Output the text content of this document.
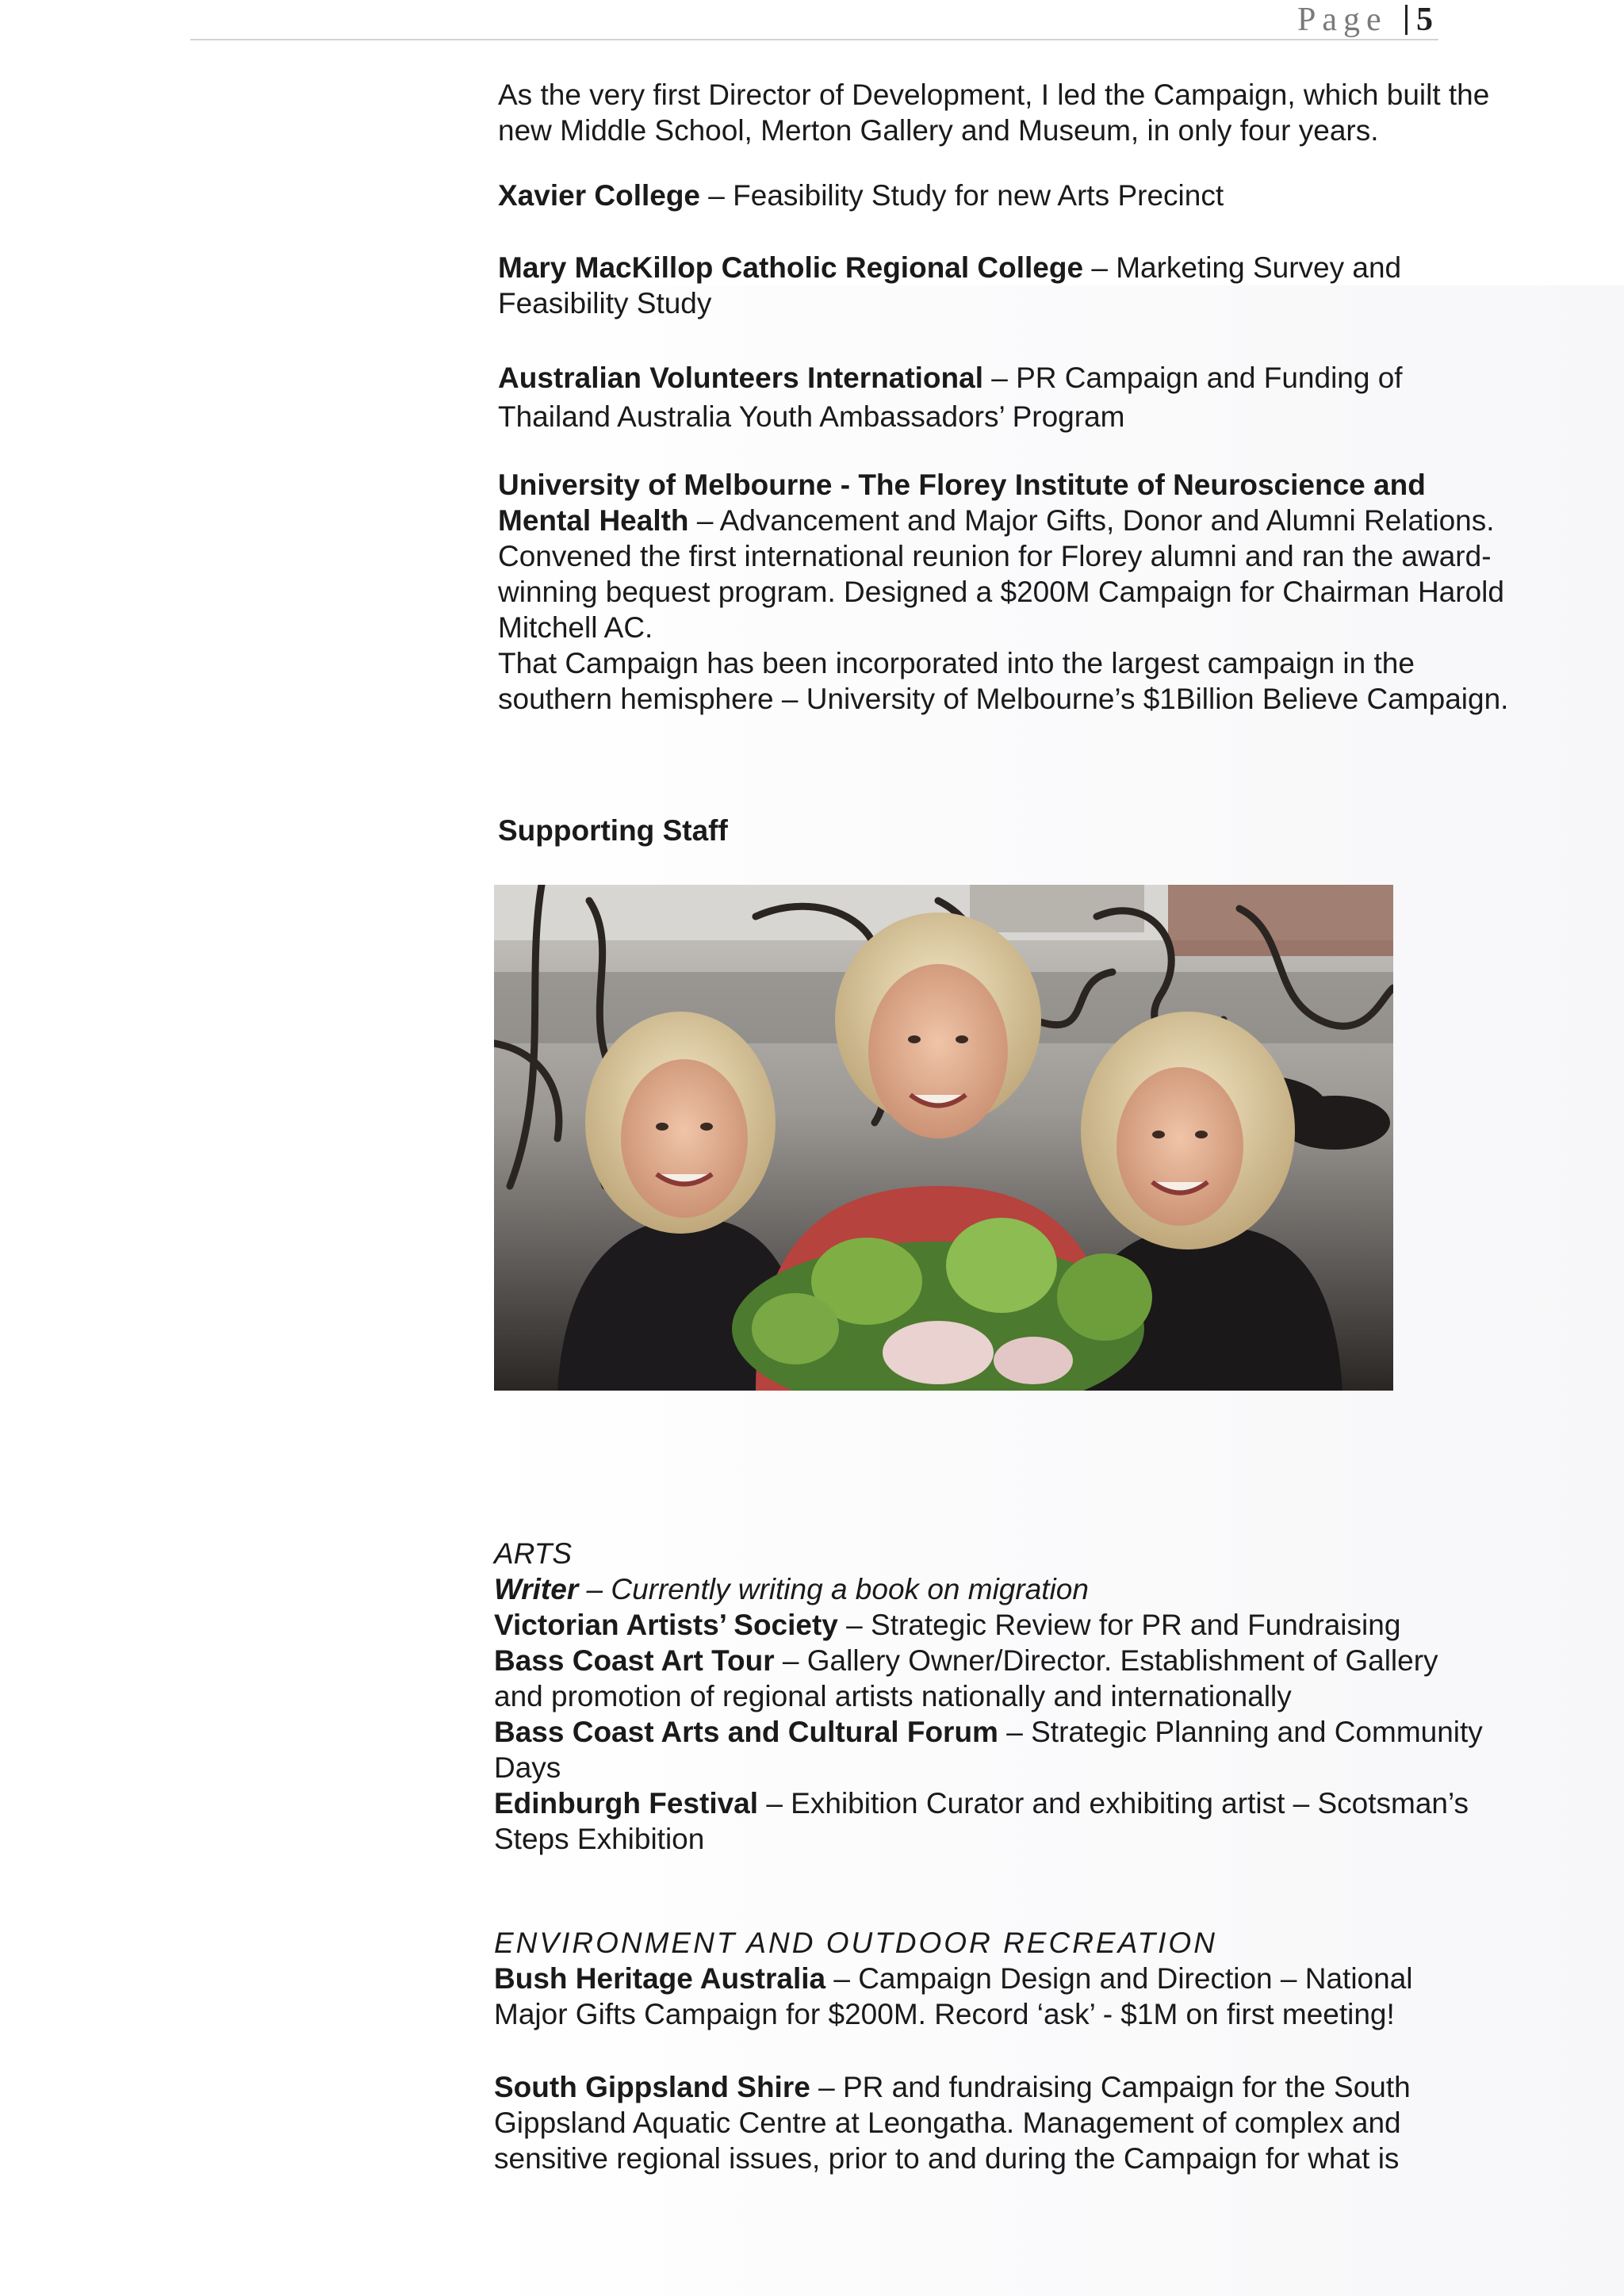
Page 5

As the very first Director of Development, I led the Campaign, which built the new Middle School, Merton Gallery and Museum, in only four years.

Xavier College – Feasibility Study for new Arts Precinct

Mary MacKillop Catholic Regional College – Marketing Survey and Feasibility Study

Australian Volunteers International – PR Campaign and Funding of Thailand Australia Youth Ambassadors’ Program

University of Melbourne - The Florey Institute of Neuroscience and Mental Health – Advancement and Major Gifts, Donor and Alumni Relations. Convened the first international reunion for Florey alumni and ran the award-winning bequest program. Designed a $200M Campaign for Chairman Harold Mitchell AC.
That Campaign has been incorporated into the largest campaign in the southern hemisphere – University of Melbourne’s $1Billion Believe Campaign.
Supporting Staff
ARTS
Writer – Currently writing a book on migration
Victorian Artists’ Society – Strategic Review for PR and Fundraising
Bass Coast Art Tour – Gallery Owner/Director. Establishment of Gallery and promotion of regional artists nationally and internationally
Bass Coast Arts and Cultural Forum – Strategic Planning and Community Days
Edinburgh Festival – Exhibition Curator and exhibiting artist – Scotsman’s Steps Exhibition
ENVIRONMENT AND OUTDOOR RECREATION
Bush Heritage Australia – Campaign Design and Direction – National Major Gifts Campaign for $200M. Record ‘ask’ - $1M on first meeting!
South Gippsland Shire – PR and fundraising Campaign for the South Gippsland Aquatic Centre at Leongatha. Management of complex and sensitive regional issues, prior to and during the Campaign for what is
